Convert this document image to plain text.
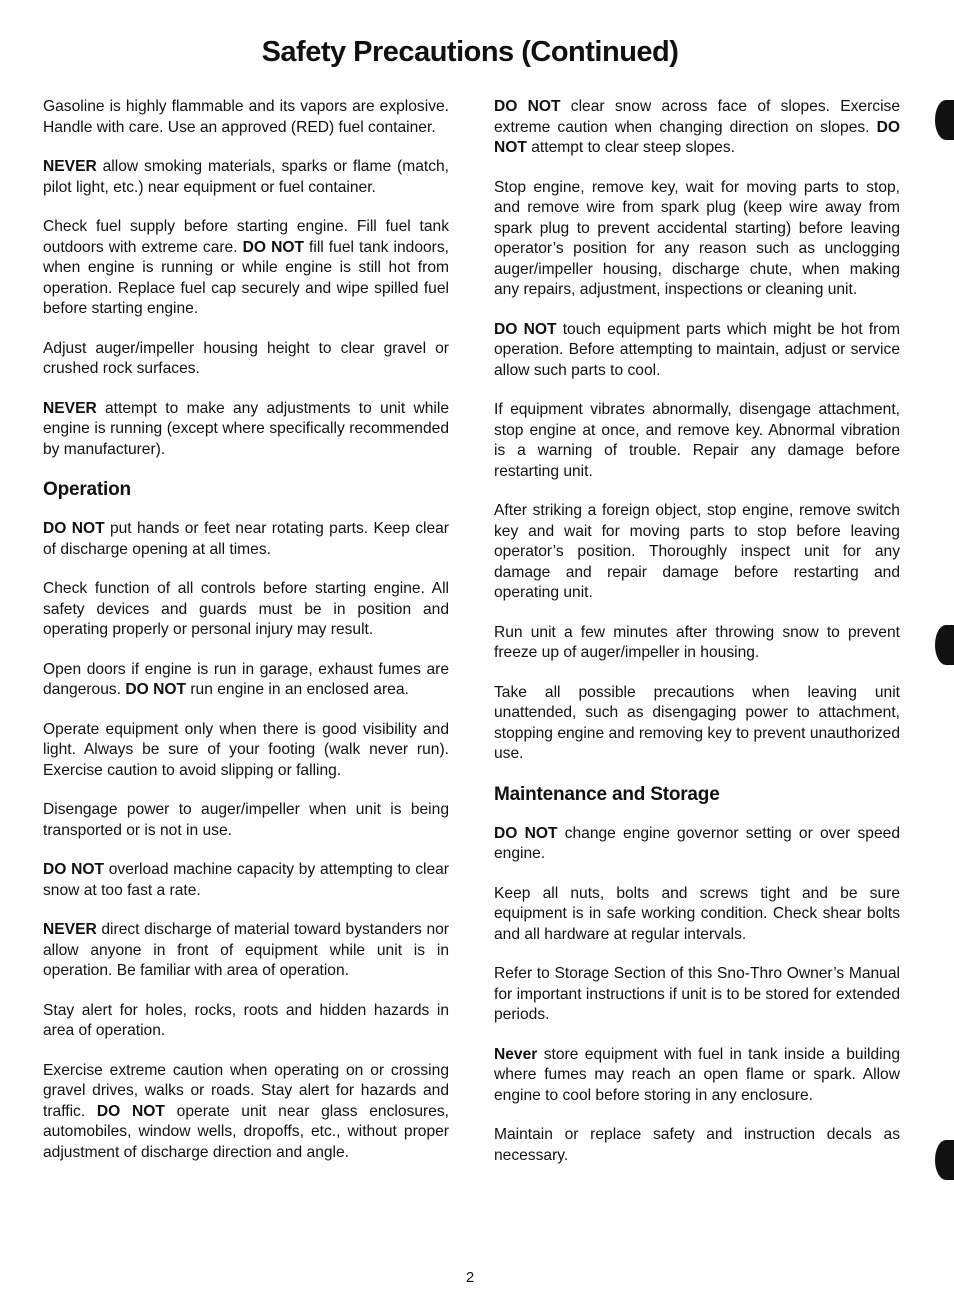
Safety Precautions (Continued)

Gasoline is highly flammable and its vapors are explosive. Handle with care. Use an approved (RED) fuel container.

NEVER allow smoking materials, sparks or flame (match, pilot light, etc.) near equipment or fuel container.

Check fuel supply before starting engine. Fill fuel tank outdoors with extreme care. DO NOT fill fuel tank indoors, when engine is running or while engine is still hot from operation. Replace fuel cap securely and wipe spilled fuel before starting engine.

Adjust auger/impeller housing height to clear gravel or crushed rock surfaces.

NEVER attempt to make any adjustments to unit while engine is running (except where specifically recommended by manufacturer).

Operation

DO NOT put hands or feet near rotating parts. Keep clear of discharge opening at all times.

Check function of all controls before starting engine. All safety devices and guards must be in position and operating properly or personal injury may result.

Open doors if engine is run in garage, exhaust fumes are dangerous. DO NOT run engine in an enclosed area.

Operate equipment only when there is good visibility and light. Always be sure of your footing (walk never run). Exercise caution to avoid slipping or falling.

Disengage power to auger/impeller when unit is being transported or is not in use.

DO NOT overload machine capacity by attempting to clear snow at too fast a rate.

NEVER direct discharge of material toward bystanders nor allow anyone in front of equipment while unit is in operation. Be familiar with area of operation.

Stay alert for holes, rocks, roots and hidden hazards in area of operation.

Exercise extreme caution when operating on or crossing gravel drives, walks or roads. Stay alert for hazards and traffic. DO NOT operate unit near glass enclosures, automobiles, window wells, dropoffs, etc., without proper adjustment of discharge direction and angle.

DO NOT clear snow across face of slopes. Exercise extreme caution when changing direction on slopes. DO NOT attempt to clear steep slopes.

Stop engine, remove key, wait for moving parts to stop, and remove wire from spark plug (keep wire away from spark plug to prevent accidental starting) before leaving operator’s position for any reason such as unclogging auger/impeller housing, discharge chute, when making any repairs, adjustment, inspections or cleaning unit.

DO NOT touch equipment parts which might be hot from operation. Before attempting to maintain, adjust or service allow such parts to cool.

If equipment vibrates abnormally, disengage attachment, stop engine at once, and remove key. Abnormal vibration is a warning of trouble. Repair any damage before restarting unit.

After striking a foreign object, stop engine, remove switch key and wait for moving parts to stop before leaving operator’s position. Thoroughly inspect unit for any damage and repair damage before restarting and operating unit.

Run unit a few minutes after throwing snow to prevent freeze up of auger/impeller in housing.

Take all possible precautions when leaving unit unattended, such as disengaging power to attachment, stopping engine and removing key to prevent unauthorized use.

Maintenance and Storage

DO NOT change engine governor setting or over speed engine.

Keep all nuts, bolts and screws tight and be sure equipment is in safe working condition. Check shear bolts and all hardware at regular intervals.

Refer to Storage Section of this Sno-Thro Owner’s Manual for important instructions if unit is to be stored for extended periods.

Never store equipment with fuel in tank inside a building where fumes may reach an open flame or spark. Allow engine to cool before storing in any enclosure.

Maintain or replace safety and instruction decals as necessary.

2
